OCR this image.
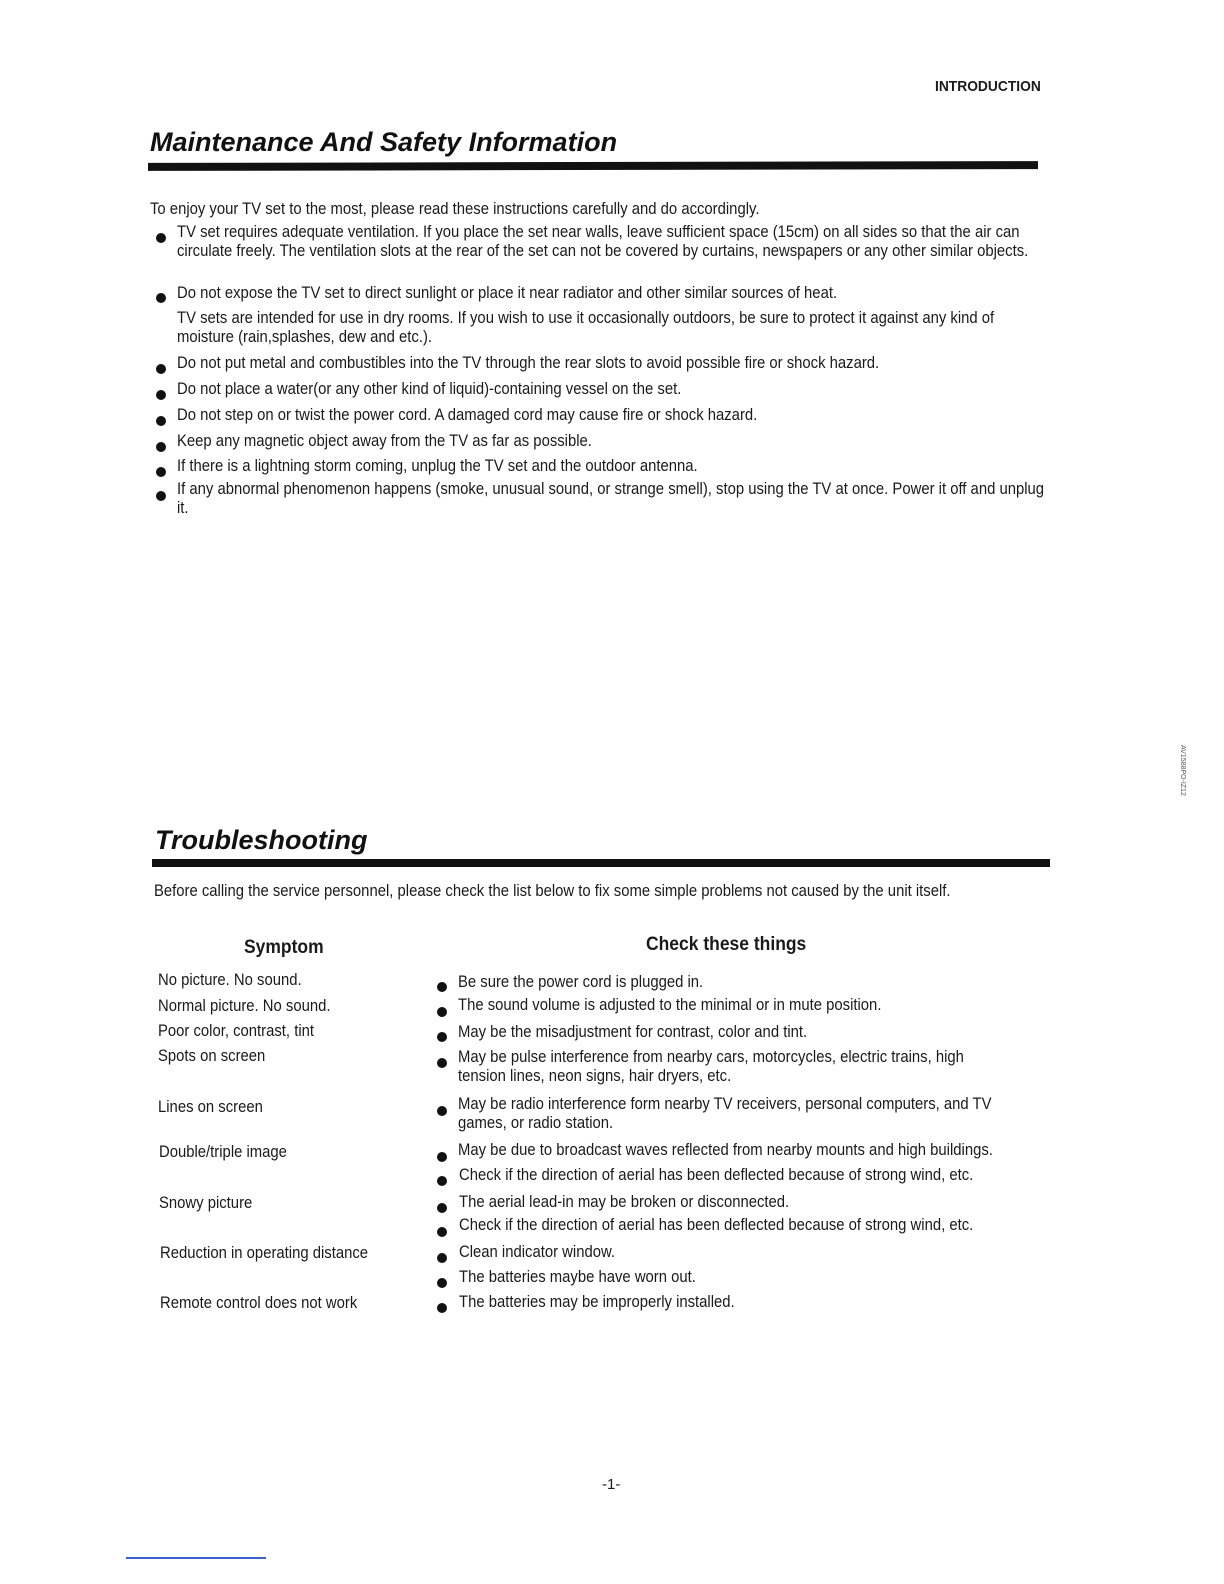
INTRODUCTION
Maintenance And Safety Information
To enjoy your TV set to the most, please read these instructions carefully and do accordingly.
TV set requires adequate ventilation. If you place the set near walls, leave sufficient space (15cm) on all sides so that the air can circulate freely. The ventilation slots at the rear of the set can not be covered by curtains, newspapers or any other similar objects.
Do not expose the TV set to direct sunlight or place it near radiator and other similar sources of heat.
TV sets are intended for use in dry rooms. If you wish to use it occasionally outdoors, be sure to protect it against any kind of moisture (rain,splashes, dew and etc.).
Do not put metal and combustibles into the TV through the rear slots to avoid possible fire or shock hazard.
Do not place a water(or any other kind of liquid)-containing vessel on the set.
Do not step on or twist the power cord. A damaged cord may cause fire or shock hazard.
Keep any magnetic object away from the TV as far as possible.
If there is a lightning storm coming, unplug the TV set and the outdoor antenna.
If any abnormal phenomenon happens (smoke, unusual sound, or strange smell), stop using the TV at once. Power it off and unplug it.
Troubleshooting
Before calling the service personnel, please check the list below to fix some simple problems not caused by the unit itself.
Symptom	Check these things
No picture. No sound.
Normal picture. No sound.
Poor color, contrast, tint
Spots on screen
Lines on screen
Double/triple image
Snowy picture
Reduction in operating distance
Remote control does not work
Be sure the power cord is plugged in.
The sound volume is adjusted to the minimal or in mute position.
May be the misadjustment for contrast, color and tint.
May be pulse interference from nearby cars, motorcycles, electric trains, high tension lines, neon signs, hair dryers, etc.
May be radio interference form nearby TV receivers, personal computers, and TV games, or radio station.
May be due to broadcast waves reflected from nearby mounts and high buildings.
Check if the direction of aerial has been deflected because of strong wind, etc.
The aerial lead-in may be broken or disconnected.
Check if the direction of aerial has been deflected because of strong wind, etc.
Clean indicator window.
The batteries maybe have worn out.
The batteries may be improperly installed.
-1-
AV1588PO-IZ12
